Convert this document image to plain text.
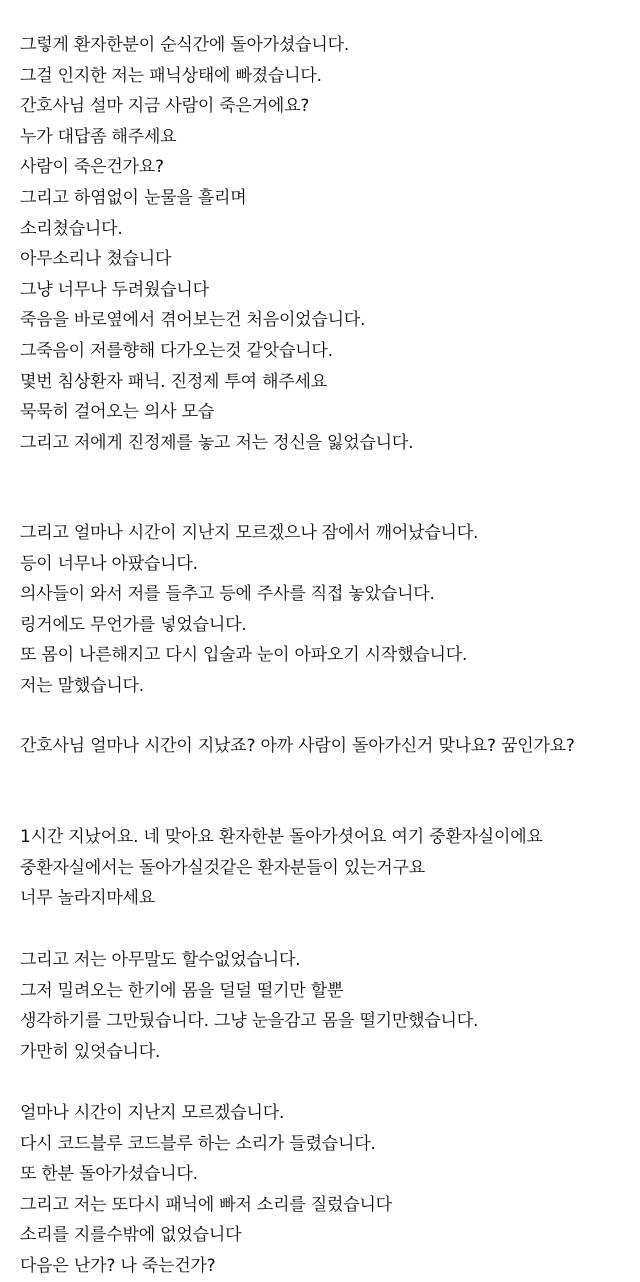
그렇게 환자한분이 순식간에 돌아가셨습니다.
그걸 인지한 저는 패닉상태에 빠졌습니다.
간호사님 설마 지금 사람이 죽은거에요?
누가 대답좀 해주세요
사람이 죽은건가요?
그리고 하염없이 눈물을 흘리며
소리쳤습니다.
아무소리나 쳤습니다
그냥 너무나 두려웠습니다
죽음을 바로옆에서 겪어보는건 처음이었습니다.
그죽음이 저를향해 다가오는것 같앗습니다.
몇번 침상환자 패닉. 진정제 투여 해주세요
묵묵히 걸어오는 의사 모습
그리고 저에게 진정제를 놓고 저는 정신을 잃었습니다.
그리고 얼마나 시간이 지난지 모르겠으나 잠에서 깨어났습니다.
등이 너무나 아팠습니다.
의사들이 와서 저를 들추고 등에 주사를 직접 놓았습니다.
링거에도 무언가를 넣었습니다.
또 몸이 나른해지고 다시 입술과 눈이 아파오기 시작했습니다.
저는 말했습니다.
간호사님 얼마나 시간이 지났죠? 아까 사람이 돌아가신거 맞나요? 꿈인가요?
1시간 지났어요. 네 맞아요 환자한분 돌아가셧어요 여기 중환자실이에요
중환자실에서는 돌아가실것같은 환자분들이 있는거구요
너무 놀라지마세요
그리고 저는 아무말도 할수없었습니다.
그저 밀려오는 한기에 몸을 덜덜 떨기만 할뿐
생각하기를 그만뒀습니다. 그냥 눈을감고 몸을 떨기만했습니다.
가만히 있엇습니다.
얼마나 시간이 지난지 모르겠습니다.
다시 코드블루 코드블루 하는 소리가 들렸습니다.
또 한분 돌아가셨습니다.
그리고 저는 또다시 패닉에 빠저 소리를 질렀습니다
소리를 지를수밖에 없었습니다
다음은 난가? 나 죽는건가?
